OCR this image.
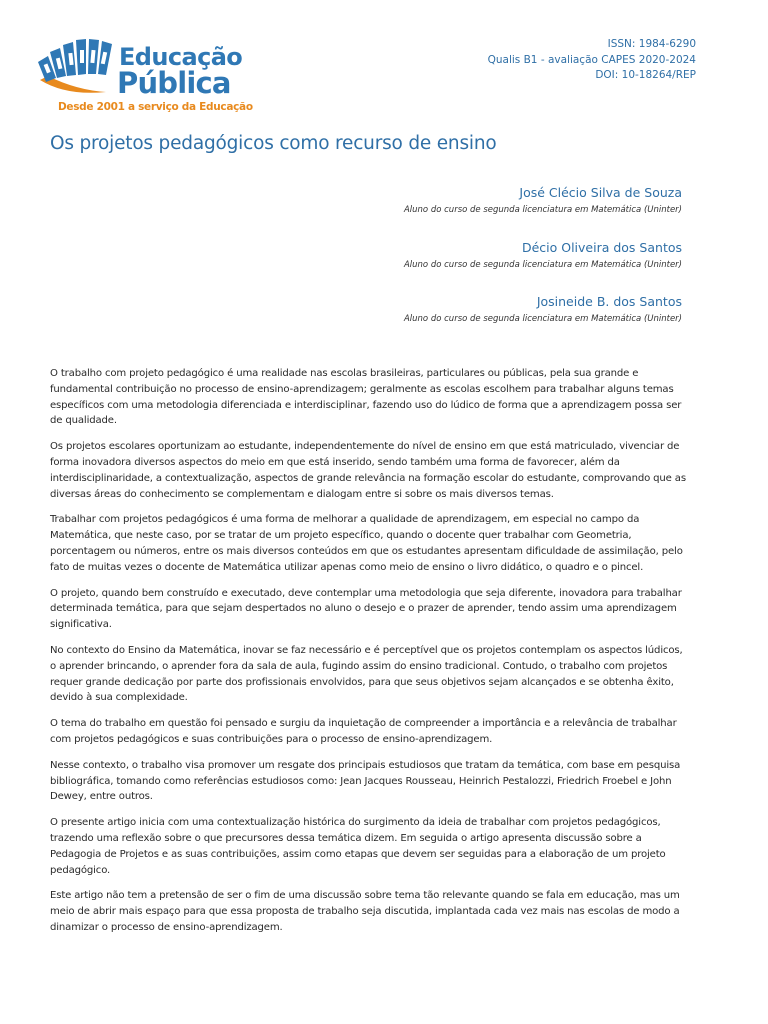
Educação
Pública
Desde 2001 a serviço da Educação
ISSN: 1984-6290
Qualis B1 - avaliação CAPES 2020-2024
DOI: 10-18264/REP
Os projetos pedagógicos como recurso de ensino
José Clécio Silva de Souza
Aluno do curso de segunda licenciatura em Matemática (Uninter)
Décio Oliveira dos Santos
Aluno do curso de segunda licenciatura em Matemática (Uninter)
Josineide B. dos Santos
Aluno do curso de segunda licenciatura em Matemática (Uninter)

O trabalho com projeto pedagógico é uma realidade nas escolas brasileiras, particulares ou públicas, pela sua grande e fundamental contribuição no processo de ensino-aprendizagem; geralmente as escolas escolhem para trabalhar alguns temas específicos com uma metodologia diferenciada e interdisciplinar, fazendo uso do lúdico de forma que a aprendizagem possa ser de qualidade.

Os projetos escolares oportunizam ao estudante, independentemente do nível de ensino em que está matriculado, vivenciar de forma inovadora diversos aspectos do meio em que está inserido, sendo também uma forma de favorecer, além da interdisciplinaridade, a contextualização, aspectos de grande relevância na formação escolar do estudante, comprovando que as diversas áreas do conhecimento se complementam e dialogam entre si sobre os mais diversos temas.

Trabalhar com projetos pedagógicos é uma forma de melhorar a qualidade de aprendizagem, em especial no campo da Matemática, que neste caso, por se tratar de um projeto específico, quando o docente quer trabalhar com Geometria, porcentagem ou números, entre os mais diversos conteúdos em que os estudantes apresentam dificuldade de assimilação, pelo fato de muitas vezes o docente de Matemática utilizar apenas como meio de ensino o livro didático, o quadro e o pincel.

O projeto, quando bem construído e executado, deve contemplar uma metodologia que seja diferente, inovadora para trabalhar determinada temática, para que sejam despertados no aluno o desejo e o prazer de aprender, tendo assim uma aprendizagem significativa.

No contexto do Ensino da Matemática, inovar se faz necessário e é perceptível que os projetos contemplam os aspectos lúdicos, o aprender brincando, o aprender fora da sala de aula, fugindo assim do ensino tradicional. Contudo, o trabalho com projetos requer grande dedicação por parte dos profissionais envolvidos, para que seus objetivos sejam alcançados e se obtenha êxito, devido à sua complexidade.

O tema do trabalho em questão foi pensado e surgiu da inquietação de compreender a importância e a relevância de trabalhar com projetos pedagógicos e suas contribuições para o processo de ensino-aprendizagem.

Nesse contexto, o trabalho visa promover um resgate dos principais estudiosos que tratam da temática, com base em pesquisa bibliográfica, tomando como referências estudiosos como: Jean Jacques Rousseau, Heinrich Pestalozzi, Friedrich Froebel e John Dewey, entre outros.

O presente artigo inicia com uma contextualização histórica do surgimento da ideia de trabalhar com projetos pedagógicos, trazendo uma reflexão sobre o que precursores dessa temática dizem. Em seguida o artigo apresenta discussão sobre a Pedagogia de Projetos e as suas contribuições, assim como etapas que devem ser seguidas para a elaboração de um projeto pedagógico.

Este artigo não tem a pretensão de ser o fim de uma discussão sobre tema tão relevante quando se fala em educação, mas um meio de abrir mais espaço para que essa proposta de trabalho seja discutida, implantada cada vez mais nas escolas de modo a dinamizar o processo de ensino-aprendizagem.
